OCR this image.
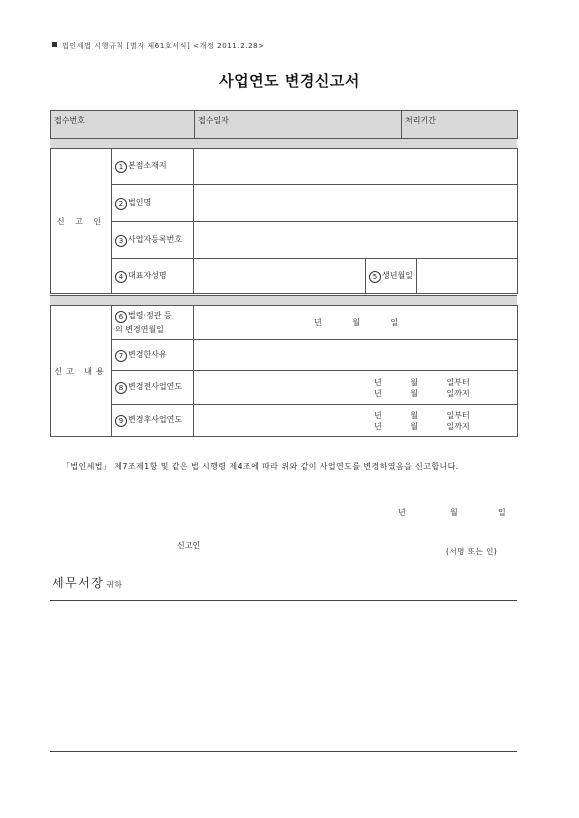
법인세법 시행규칙 [별지 제61호서식] <개정 2011.2.28>
사업연도 변경신고서
접수번호	접수일자	처리기간
신 고 인	1 본점소재지			
	2 법인명			
	3 사업자등록번호			
	4 대표자성명		5 생년월일	
신고 내용	6 법령·정관 등
의 변경연월일	년 월 일
	7 변경한사유	
	8 변경전사업연도	년 월 일부터
년 월 일까지

	9 변경후사업연도	년 월 일부터
년 월 일까지
「법인세법」 제7조제1항 및 같은 법 시행령 제4조에 따라 위와 같이 사업연도를 변경하였음을 신고합니다.
년	월	일
신고인
(서명 또는 인)
세무서장 귀하
